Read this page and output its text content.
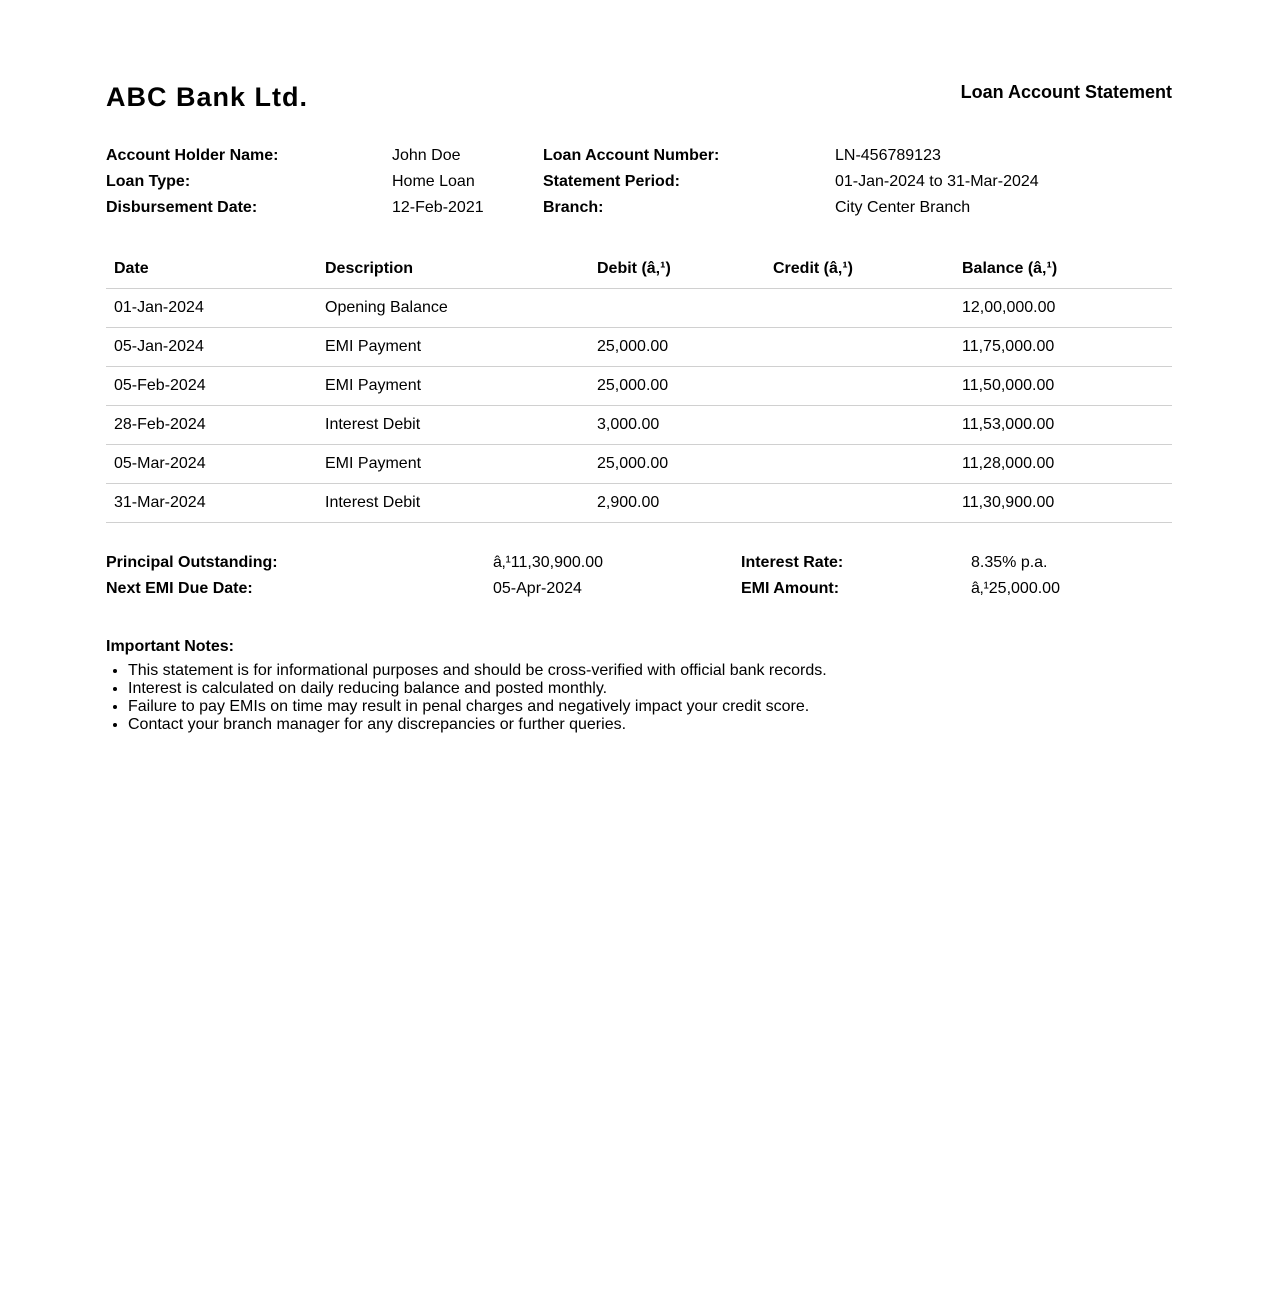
ABC Bank Ltd.	Loan Account Statement
Account Holder Name:	John Doe	Loan Account Number:	LN-456789123
Loan Type:	Home Loan	Statement Period:	01-Jan-2024 to 31-Mar-2024
Disbursement Date:	12-Feb-2021	Branch:	City Center Branch
Date	Description	Debit (â‚¹)	Credit (â‚¹)	Balance (â‚¹)
01-Jan-2024	Opening Balance			12,00,000.00
05-Jan-2024	EMI Payment	25,000.00		11,75,000.00
05-Feb-2024	EMI Payment	25,000.00		11,50,000.00
28-Feb-2024	Interest Debit	3,000.00		11,53,000.00
05-Mar-2024	EMI Payment	25,000.00		11,28,000.00
31-Mar-2024	Interest Debit	2,900.00		11,30,900.00
Principal Outstanding:	â‚¹11,30,900.00	Interest Rate:	8.35% p.a.
Next EMI Due Date:	05-Apr-2024	EMI Amount:	â‚¹25,000.00
Important Notes:
• This statement is for informational purposes and should be cross-verified with official bank records.
• Interest is calculated on daily reducing balance and posted monthly.
• Failure to pay EMIs on time may result in penal charges and negatively impact your credit score.
• Contact your branch manager for any discrepancies or further queries.
